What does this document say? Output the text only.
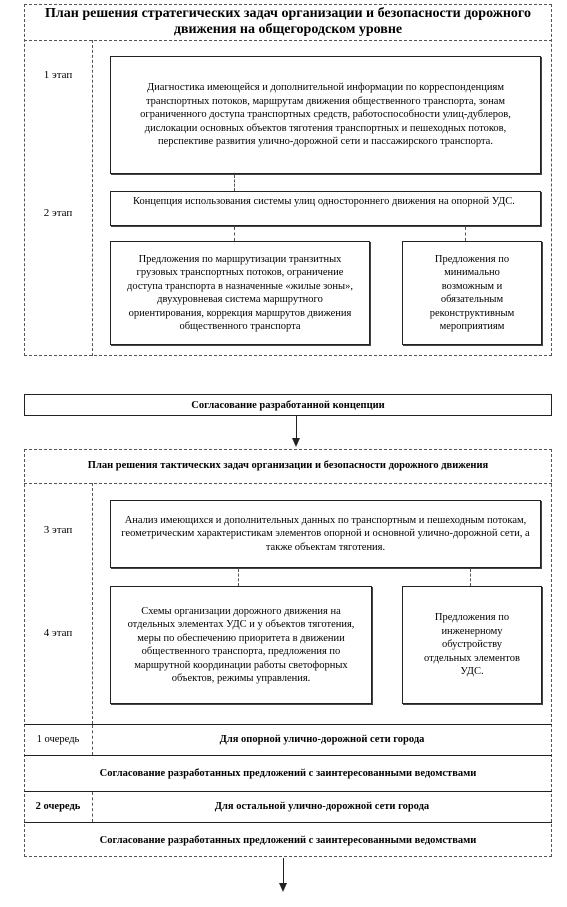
План решения стратегических задач организации и безопасности дорожного движения на общегородском уровне
1 этап
2 этап
Диагностика имеющейся и дополнительной информации по корреспонденциям транспортных потоков, маршрутам движения общественного транспорта, зонам ограниченного доступа транспортных средств, работоспособности улиц-дублеров, дислокации основных объектов тяготения транспортных и пешеходных потоков, перспективе развития улично-дорожной сети и пассажирского транспорта.
Концепция использования системы улиц одностороннего движения на опорной УДС.
Предложения по маршрутизации транзитных грузовых транспортных потоков, ограничение доступа транспорта в назначенные «жилые зоны», двухуровневая система маршрутного ориентирования, коррекция маршрутов движения общественного транспорта
Предложения по минимально возможным и обязательным реконструктивным мероприятиям
Согласование разработанной концепции
План решения тактических задач организации и безопасности дорожного движения
3 этап
4 этап
Анализ имеющихся и дополнительных данных по транспортным и пешеходным потокам, геометрическим характеристикам элементов опорной и основной улично-дорожной сети, а также объектам тяготения.
Схемы организации дорожного движения на отдельных элементах УДС и у объектов тяготения, меры по обеспечению приоритета в движении общественного транспорта, предложения по маршрутной координации работы светофорных объектов, режимы управления.
Предложения по инженерному обустройству отдельных элементов УДС.
1 очередь	Для опорной улично-дорожной сети города
Согласование разработанных предложений с заинтересованными ведомствами
2 очередь	Для остальной улично-дорожной сети города
Согласование разработанных предложений с заинтересованными ведомствами
